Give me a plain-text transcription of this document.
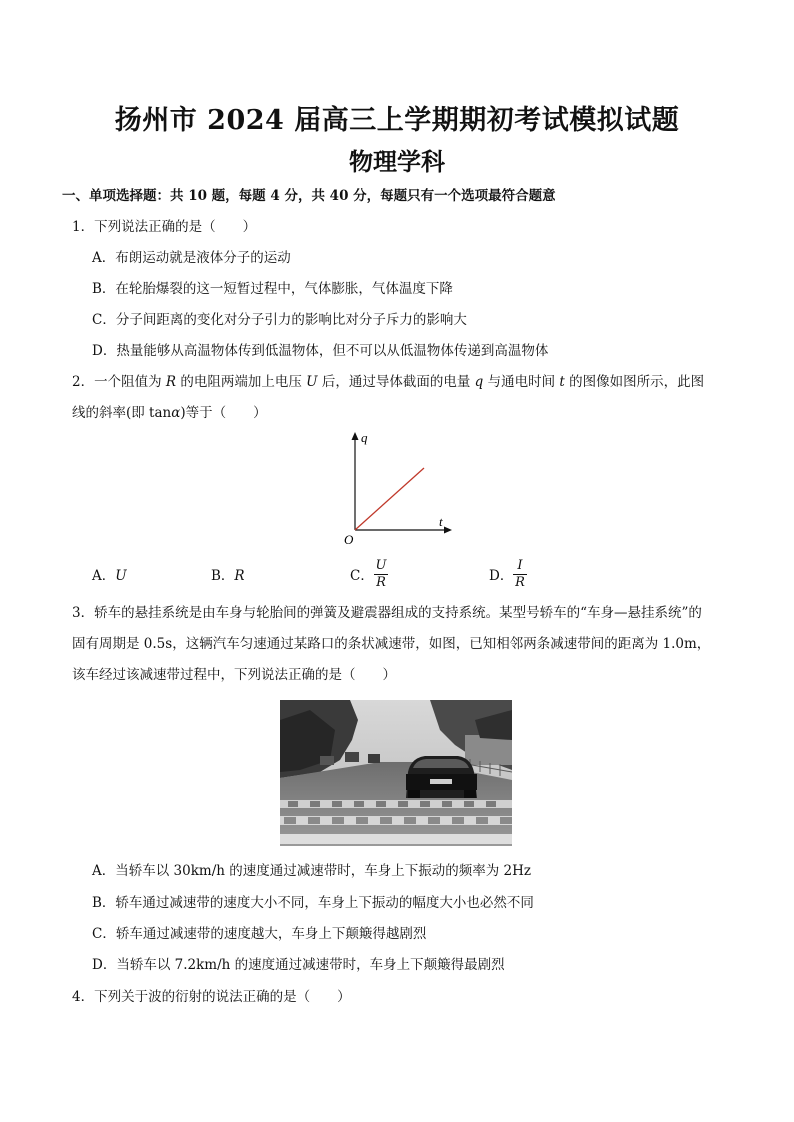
扬州市 2024 届高三上学期期初考试模拟试题
物理学科
一、单项选择题：共 10 题，每题 4 分，共 40 分，每题只有一个选项最符合题意
1．下列说法正确的是（　　）
A．布朗运动就是液体分子的运动
B．在轮胎爆裂的这一短暂过程中，气体膨胀，气体温度下降
C．分子间距离的变化对分子引力的影响比对分子斥力的影响大
D．热量能够从高温物体传到低温物体，但不可以从低温物体传递到高温物体
2．一个阻值为 R 的电阻两端加上电压 U 后，通过导体截面的电量 q 与通电时间 t 的图像如图所示，此图
线的斜率(即 tanα)等于（　　）
q
t
O
A．U	B．R	C． $\frac{U}{R}$	D． $\frac{I}{R}$
3．轿车的悬挂系统是由车身与轮胎间的弹簧及避震器组成的支持系统。某型号轿车的“车身—悬挂系统”的
固有周期是 0.5s，这辆汽车匀速通过某路口的条状减速带，如图，已知相邻两条减速带间的距离为 1.0m，
该车经过该减速带过程中，下列说法正确的是（　　）
A．当轿车以 30km/h 的速度通过减速带时，车身上下振动的频率为 2Hz
B．轿车通过减速带的速度大小不同，车身上下振动的幅度大小也必然不同
C．轿车通过减速带的速度越大，车身上下颠簸得越剧烈
D．当轿车以 7.2km/h 的速度通过减速带时，车身上下颠簸得最剧烈
4．下列关于波的衍射的说法正确的是（　　）
